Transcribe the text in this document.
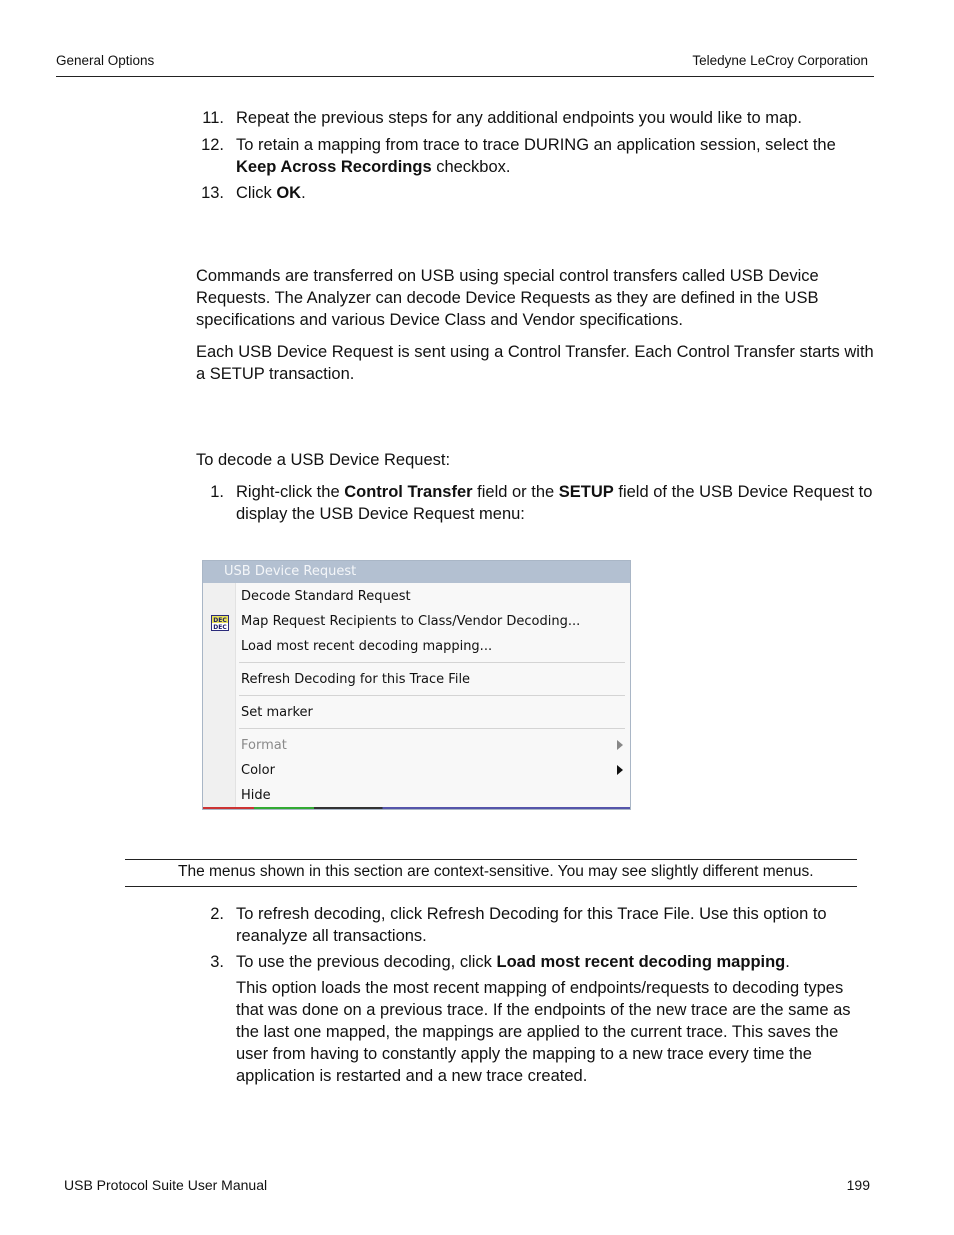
General Options	Teledyne LeCroy Corporation
11. Repeat the previous steps for any additional endpoints you would like to map.
12. To retain a mapping from trace to trace DURING an application session, select the
Keep Across Recordings checkbox.
13. Click OK.
Commands are transferred on USB using special control transfers called USB Device
Requests. The Analyzer can decode Device Requests as they are defined in the USB
specifications and various Device Class and Vendor specifications.
Each USB Device Request is sent using a Control Transfer. Each Control Transfer starts with
a SETUP transaction.
To decode a USB Device Request:
1. Right-click the Control Transfer field or the SETUP field of the USB Device Request to
display the USB Device Request menu:
USB Device Request
DEC
DEC
Decode Standard Request
Map Request Recipients to Class/Vendor Decoding...
Load most recent decoding mapping...
Refresh Decoding for this Trace File
Set marker
Format
Color
Hide
The menus shown in this section are context-sensitive. You may see slightly different menus.
2. To refresh decoding, click Refresh Decoding for this Trace File. Use this option to
reanalyze all transactions.
3. To use the previous decoding, click Load most recent decoding mapping.
This option loads the most recent mapping of endpoints/requests to decoding types
that was done on a previous trace. If the endpoints of the new trace are the same as
the last one mapped, the mappings are applied to the current trace. This saves the
user from having to constantly apply the mapping to a new trace every time the
application is restarted and a new trace created.
USB Protocol Suite User Manual	199
